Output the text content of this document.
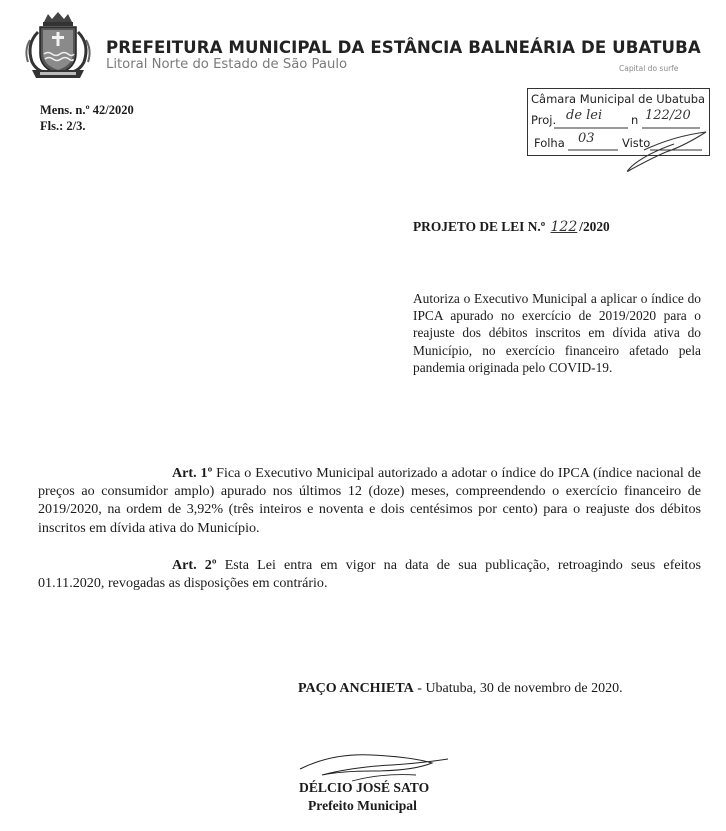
PREFEITURA MUNICIPAL DA ESTÂNCIA BALNEÁRIA DE UBATUBA
Litoral Norte do Estado de São Paulo	Capital do surfe
Mens. n.º 42/2020
Fls.: 2/3.
Câmara Municipal de Ubatuba
Proj. de lei	n 122/20
Folha 03 Visto
PROJETO DE LEI N.º 122 /2020
Autoriza o Executivo Municipal a aplicar o índice do IPCA apurado no exercício de 2019/2020 para o reajuste dos débitos inscritos em dívida ativa do Município, no exercício financeiro afetado pela pandemia originada pelo COVID-19.
Art. 1º Fica o Executivo Municipal autorizado a adotar o índice do IPCA (índice nacional de preços ao consumidor amplo) apurado nos últimos 12 (doze) meses, compreendendo o exercício financeiro de 2019/2020, na ordem de 3,92% (três inteiros e noventa e dois centésimos por cento) para o reajuste dos débitos inscritos em dívida ativa do Município.
Art. 2º Esta Lei entra em vigor na data de sua publicação, retroagindo seus efeitos 01.11.2020, revogadas as disposições em contrário.
PAÇO ANCHIETA - Ubatuba, 30 de novembro de 2020.
DÉLCIO JOSÉ SATO
Prefeito Municipal
